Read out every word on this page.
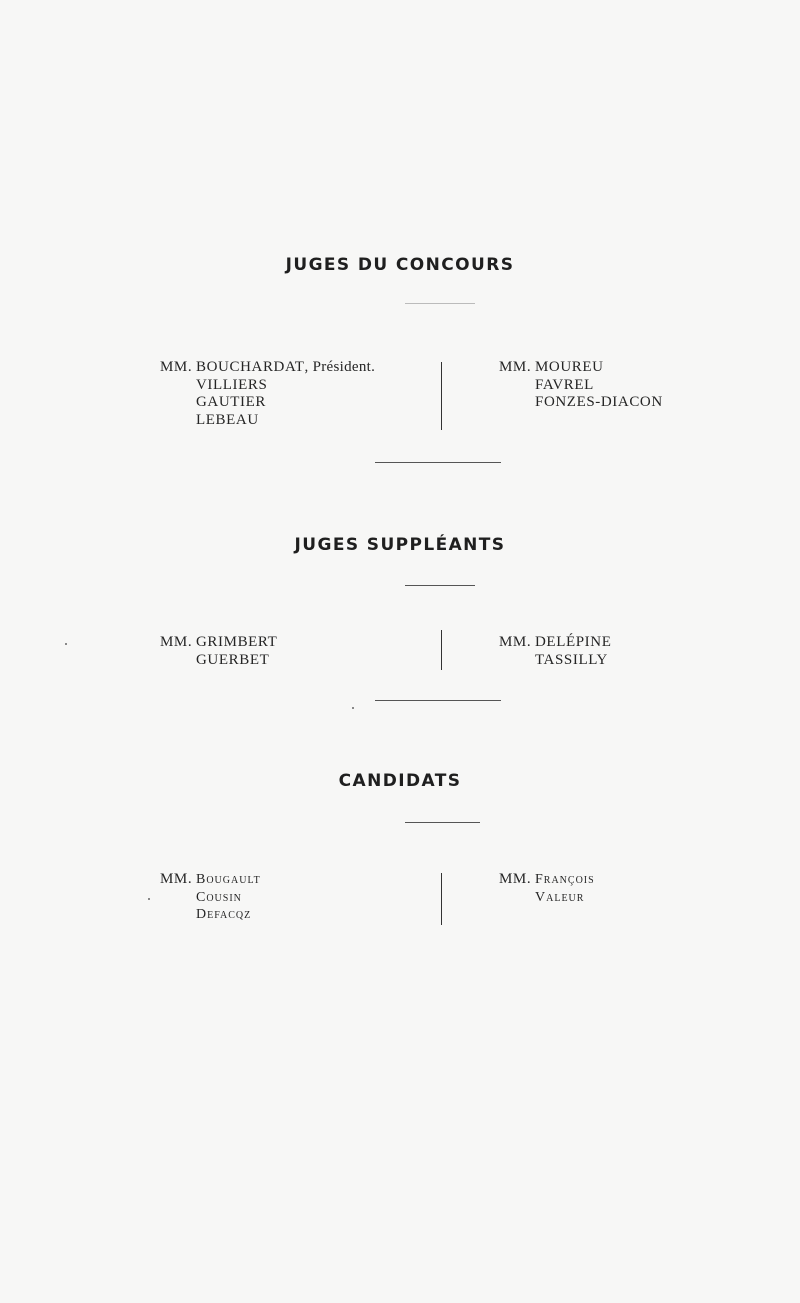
JUGES DU CONCOURS
MM. BOUCHARDAT, Président.
VILLIERS
GAUTIER
LEBEAU
MM. MOUREU
FAVREL
FONZES-DIACON
JUGES SUPPLÉANTS
MM. GRIMBERT
GUERBET
MM. DELÉPINE
TASSILLY
CANDIDATS
MM. Bougault
Cousin
Defacqz
MM. François
Valeur
